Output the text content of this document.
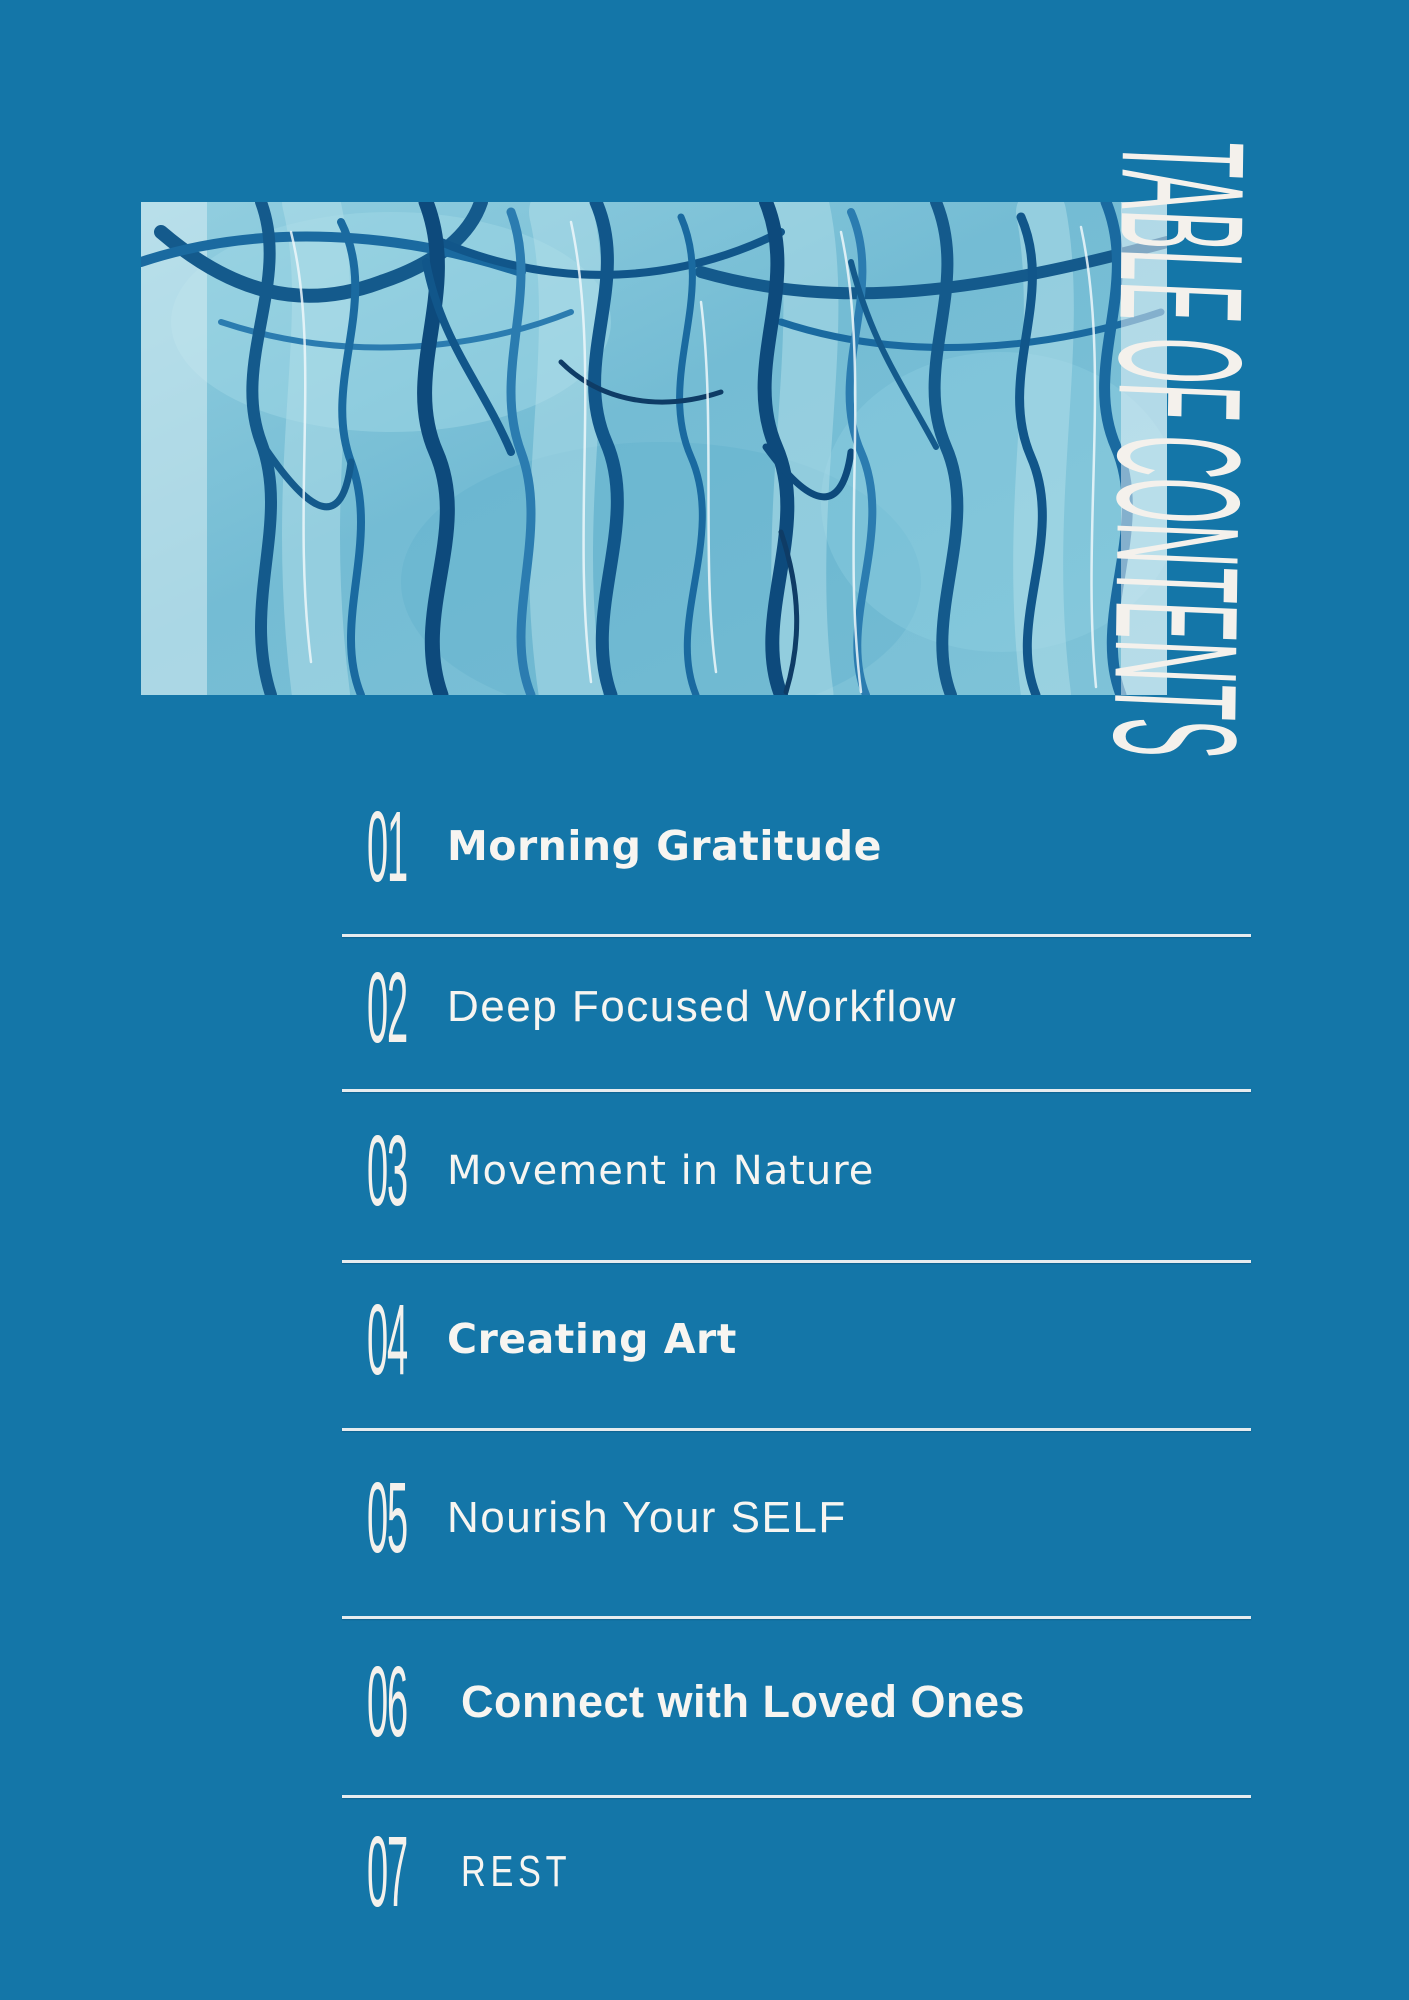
TABLE OF CONTENTS
01 Morning Gratitude
02 Deep Focused Workflow
03	Movement in Nature
04 Creating Art
05 Nourish Your SELF
06	Connect with Loved Ones
07	REST
